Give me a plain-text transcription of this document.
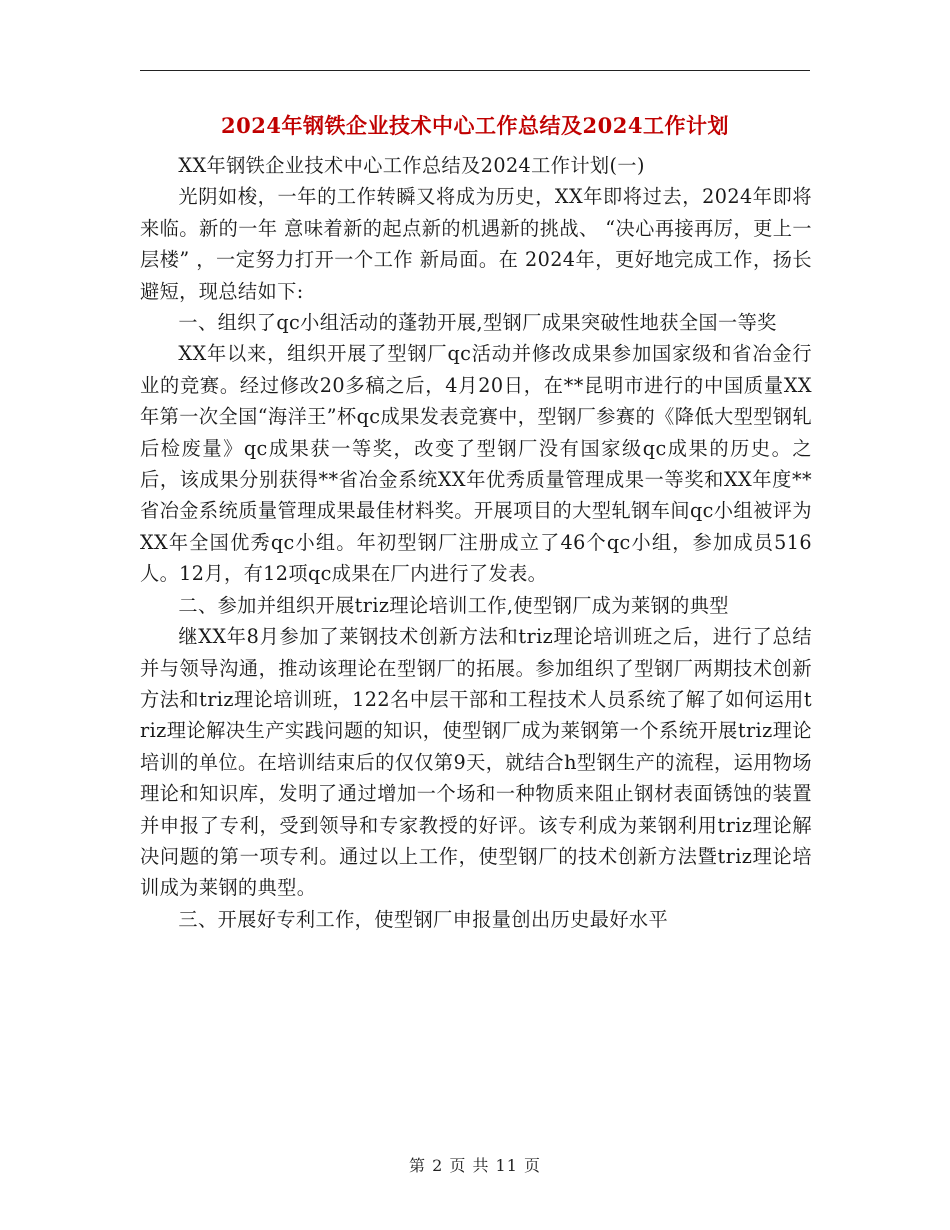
2024年钢铁企业技术中心工作总结及2024工作计划

XX年钢铁企业技术中心工作总结及2024工作计划(一)

光阴如梭，一年的工作转瞬又将成为历史，XX年即将过去，2024年即将来临。新的一年 意味着新的起点新的机遇新的挑战、 “决心再接再厉，更上一层楼” ，一定努力打开一个工作 新局面。在 2024年，更好地完成工作，扬长避短，现总结如下:

一、组织了qc小组活动的蓬勃开展,型钢厂成果突破性地获全国一等奖

XX年以来，组织开展了型钢厂qc活动并修改成果参加国家级和省冶金行业的竞赛。经过修改20多稿之后，4月20日，在**昆明市进行的中国质量XX年第一次全国“海洋王”杯qc成果发表竞赛中，型钢厂参赛的《降低大型型钢轧后检废量》qc成果获一等奖，改变了型钢厂没有国家级qc成果的历史。之后，该成果分别获得**省冶金系统XX年优秀质量管理成果一等奖和XX年度**省冶金系统质量管理成果最佳材料奖。开展项目的大型轧钢车间qc小组被评为XX年全国优秀qc小组。年初型钢厂注册成立了46个qc小组，参加成员516人。12月，有12项qc成果在厂内进行了发表。

二、参加并组织开展triz理论培训工作,使型钢厂成为莱钢的典型

继XX年8月参加了莱钢技术创新方法和triz理论培训班之后，进行了总结并与领导沟通，推动该理论在型钢厂的拓展。参加组织了型钢厂两期技术创新方法和triz理论培训班，122名中层干部和工程技术人员系统了解了如何运用triz理论解决生产实践问题的知识，使型钢厂成为莱钢第一个系统开展triz理论培训的单位。在培训结束后的仅仅第9天，就结合h型钢生产的流程，运用物场理论和知识库，发明了通过增加一个场和一种物质来阻止钢材表面锈蚀的装置并申报了专利，受到领导和专家教授的好评。该专利成为莱钢利用triz理论解决问题的第一项专利。通过以上工作，使型钢厂的技术创新方法暨triz理论培训成为莱钢的典型。

三、开展好专利工作，使型钢厂申报量创出历史最好水平

第 2 页 共 11 页
